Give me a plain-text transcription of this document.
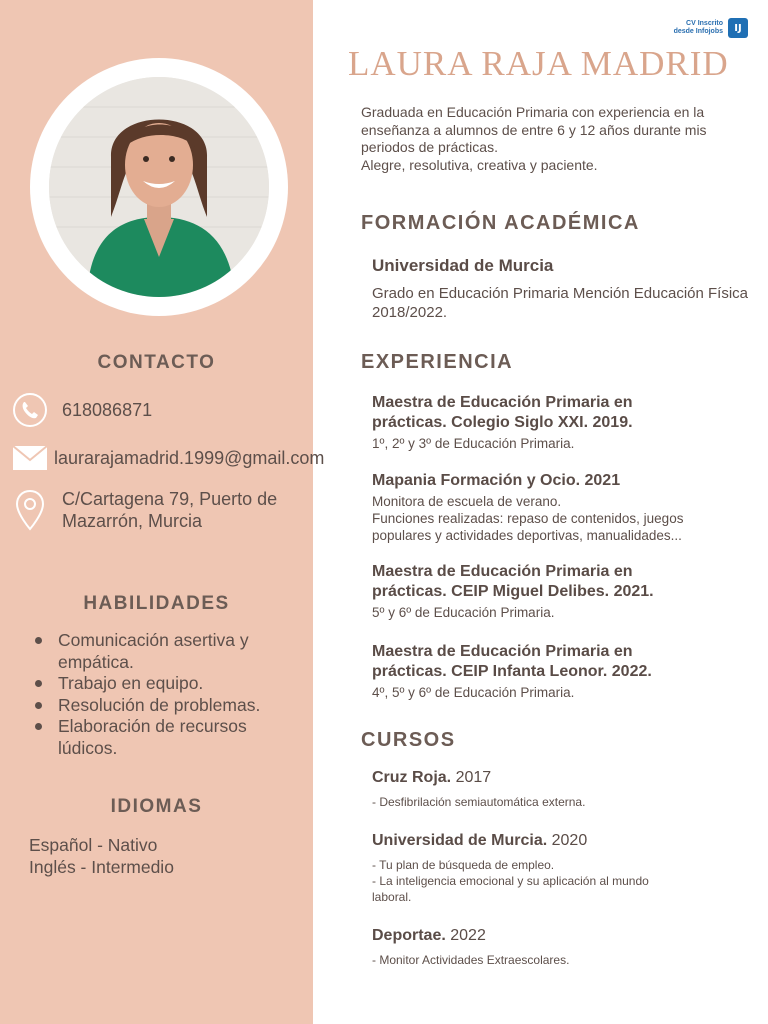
CONTACTO
618086871
laurarajamadrid.1999@gmail.com
C/Cartagena 79, Puerto de
Mazarrón, Murcia
HABILIDADES
Comunicación asertiva y empática.
Trabajo en equipo.
Resolución de problemas.
Elaboración de recursos lúdicos.
IDIOMAS
Español - Nativo
Inglés - Intermedio
CV Inscrito
desde Infojobs	IJ
LAURA RAJA MADRID
Graduada en Educación Primaria con experiencia en la
enseñanza a alumnos de entre 6 y 12 años durante mis
periodos de prácticas.
Alegre, resolutiva, creativa y paciente.
FORMACIÓN ACADÉMICA
Universidad de Murcia
Grado en Educación Primaria Mención Educación Física
2018/2022.
EXPERIENCIA
Maestra de Educación Primaria en
prácticas. Colegio Siglo XXI. 2019.
1º, 2º y 3º de Educación Primaria.
Mapania Formación y Ocio. 2021
Monitora de escuela de verano.
Funciones realizadas: repaso de contenidos, juegos
populares y actividades deportivas, manualidades...
Maestra de Educación Primaria en
prácticas. CEIP Miguel Delibes. 2021.
5º y 6º de Educación Primaria.
Maestra de Educación Primaria en
prácticas. CEIP Infanta Leonor. 2022.
4º, 5º y 6º de Educación Primaria.
CURSOS
Cruz Roja. 2017
- Desfibrilación semiautomática externa.
Universidad de Murcia. 2020
- Tu plan de búsqueda de empleo.
- La inteligencia emocional y su aplicación al mundo
laboral.
Deportae. 2022
- Monitor Actividades Extraescolares.
